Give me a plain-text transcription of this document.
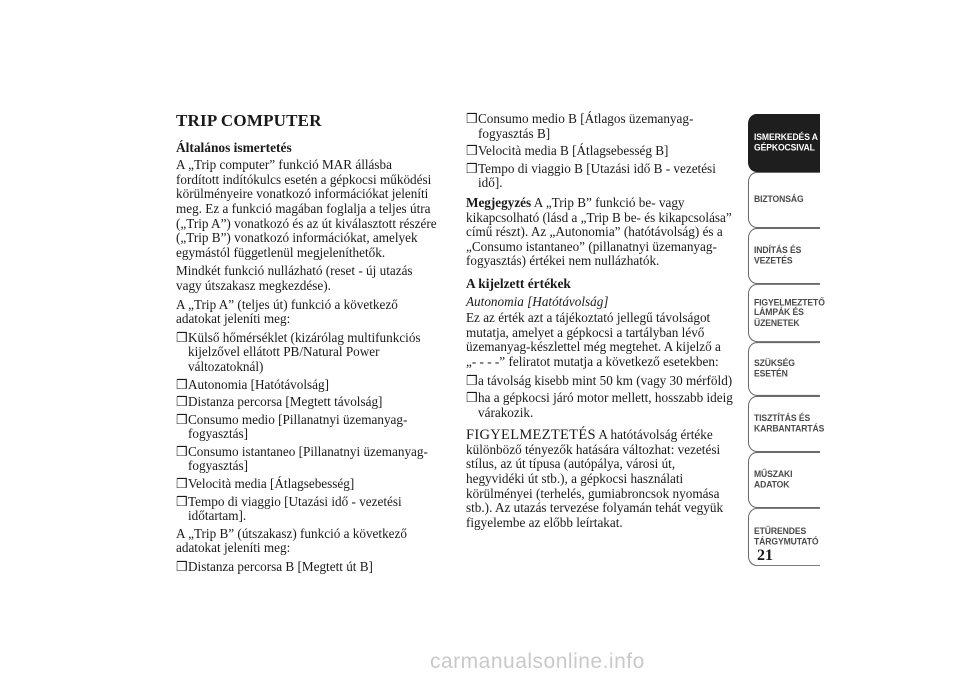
TRIP COMPUTER
Általános ismertetés

A „Trip computer” funkció MAR állásba fordított indítókulcs esetén a gépkocsi működési körülményeire vonatkozó információkat jeleníti meg. Ez a funkció magában foglalja a teljes útra („Trip A”) vonatkozó és az út kiválasztott részére („Trip B”) vonatkozó információkat, amelyek egymástól függetlenül megjeleníthetők.

Mindkét funkció nullázható (reset - új utazás vagy útszakasz megkezdése).

A „Trip A” (teljes út) funkció a következő adatokat jeleníti meg:

❒ Külső hőmérséklet (kizárólag multifunkciós kijelzővel ellátott PB/Natural Power változatoknál)
❒ Autonomia [Hatótávolság]
❒ Distanza percorsa [Megtett távolság]
❒ Consumo medio [Pillanatnyi üzemanyag-fogyasztás]
❒ Consumo istantaneo [Pillanatnyi üzemanyag-fogyasztás]
❒ Velocità media [Átlagsebesség]
❒ Tempo di viaggio [Utazási idő - vezetési időtartam].

A „Trip B” (útszakasz) funkció a következő adatokat jeleníti meg:

❒ Distanza percorsa B [Megtett út B]
❒ Consumo medio B [Átlagos üzemanyag-fogyasztás B]
❒ Velocità media B [Átlagsebesség B]
❒ Tempo di viaggio B [Utazási idő B - vezetési idő].

Megjegyzés A „Trip B” funkció be- vagy kikapcsolható (lásd a „Trip B be- és kikapcsolása” című részt). Az „Autonomia” (hatótávolság) és a „Consumo istantaneo” (pillanatnyi üzemanyag-fogyasztás) értékei nem nullázhatók.

A kijelzett értékek

Autonomia [Hatótávolság]

Ez az érték azt a tájékoztató jellegű távolságot mutatja, amelyet a gépkocsi a tartályban lévő üzemanyag-készlettel még megtehet. A kijelző a „- - - -” feliratot mutatja a következő esetekben:

❒ a távolság kisebb mint 50 km (vagy 30 mérföld)
❒ ha a gépkocsi járó motor mellett, hosszabb ideig várakozik.

FIGYELMEZTETÉS A hatótávolság értéke különböző tényezők hatására változhat: vezetési stílus, az út típusa (autópálya, városi út, hegyvidéki út stb.), a gépkocsi használati körülményei (terhelés, gumiabroncsok nyomása stb.). Az utazás tervezése folyamán tehát vegyük figyelembe az előbb leírtakat.

ISMERKEDÉS A
GÉPKOCSIVAL
BIZTONSÁG
INDÍTÁS ÉS
VEZETÉS
FIGYELMEZTETŐ
LÁMPÁK ÉS
ÜZENETEK
SZÜKSÉG ESETÉN
TISZTÍTÁS ÉS
KARBANTARTÁS
MŰSZAKI ADATOK
ETŰRENDES
TÁRGYMUTATÓ
21
carmanualsonline.info
